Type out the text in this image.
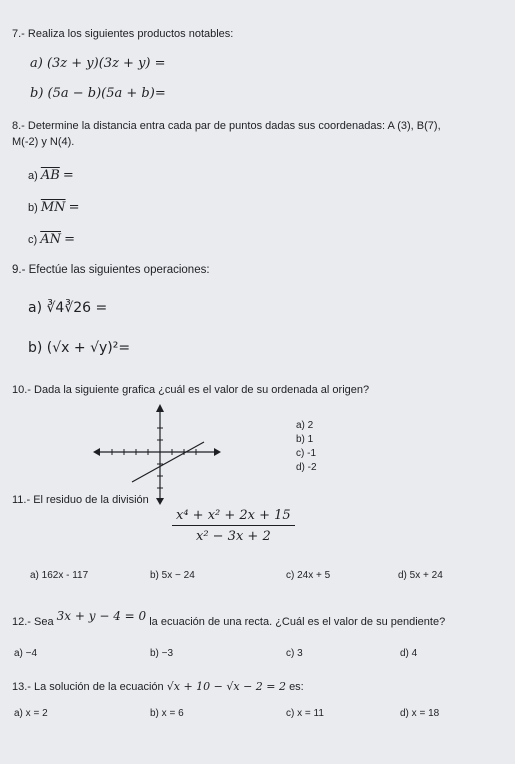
7.- Realiza los siguientes productos notables:
a) (3z + y)(3z + y) =
b) (5a − b)(5a + b)=
8.- Determine la distancia entra cada par de puntos dadas sus coordenadas: A (3), B(7),
M(-2) y N(4).
a) $\overline{AB}$ =
b) $\overline{MN}$ =
c) $\overline{AN}$ =
9.- Efectúe las siguientes operaciones:
a) ∛4∛26 =
b) (√x + √y)²=
10.- Dada la siguiente grafica ¿cuál es el valor de su ordenada al origen?
a) 2
b) 1
c) -1
d) -2
11.- El residuo de la división
$\frac{\text{x⁴ + x² + 2x + 15}}{\text{x² − 3x + 2}}$
a) 162x - 117	b) 5x − 24	c) 24x + 5	d) 5x + 24
12.- Sea 3x + y − 4 = 0 la ecuación de una recta. ¿Cuál es el valor de su pendiente?
a) −4	b) −3	c) 3	d) 4
13.- La solución de la ecuación √x + 10 − √x − 2 = 2 es:
a) x = 2	b) x = 6	c) x = 11	d) x = 18
